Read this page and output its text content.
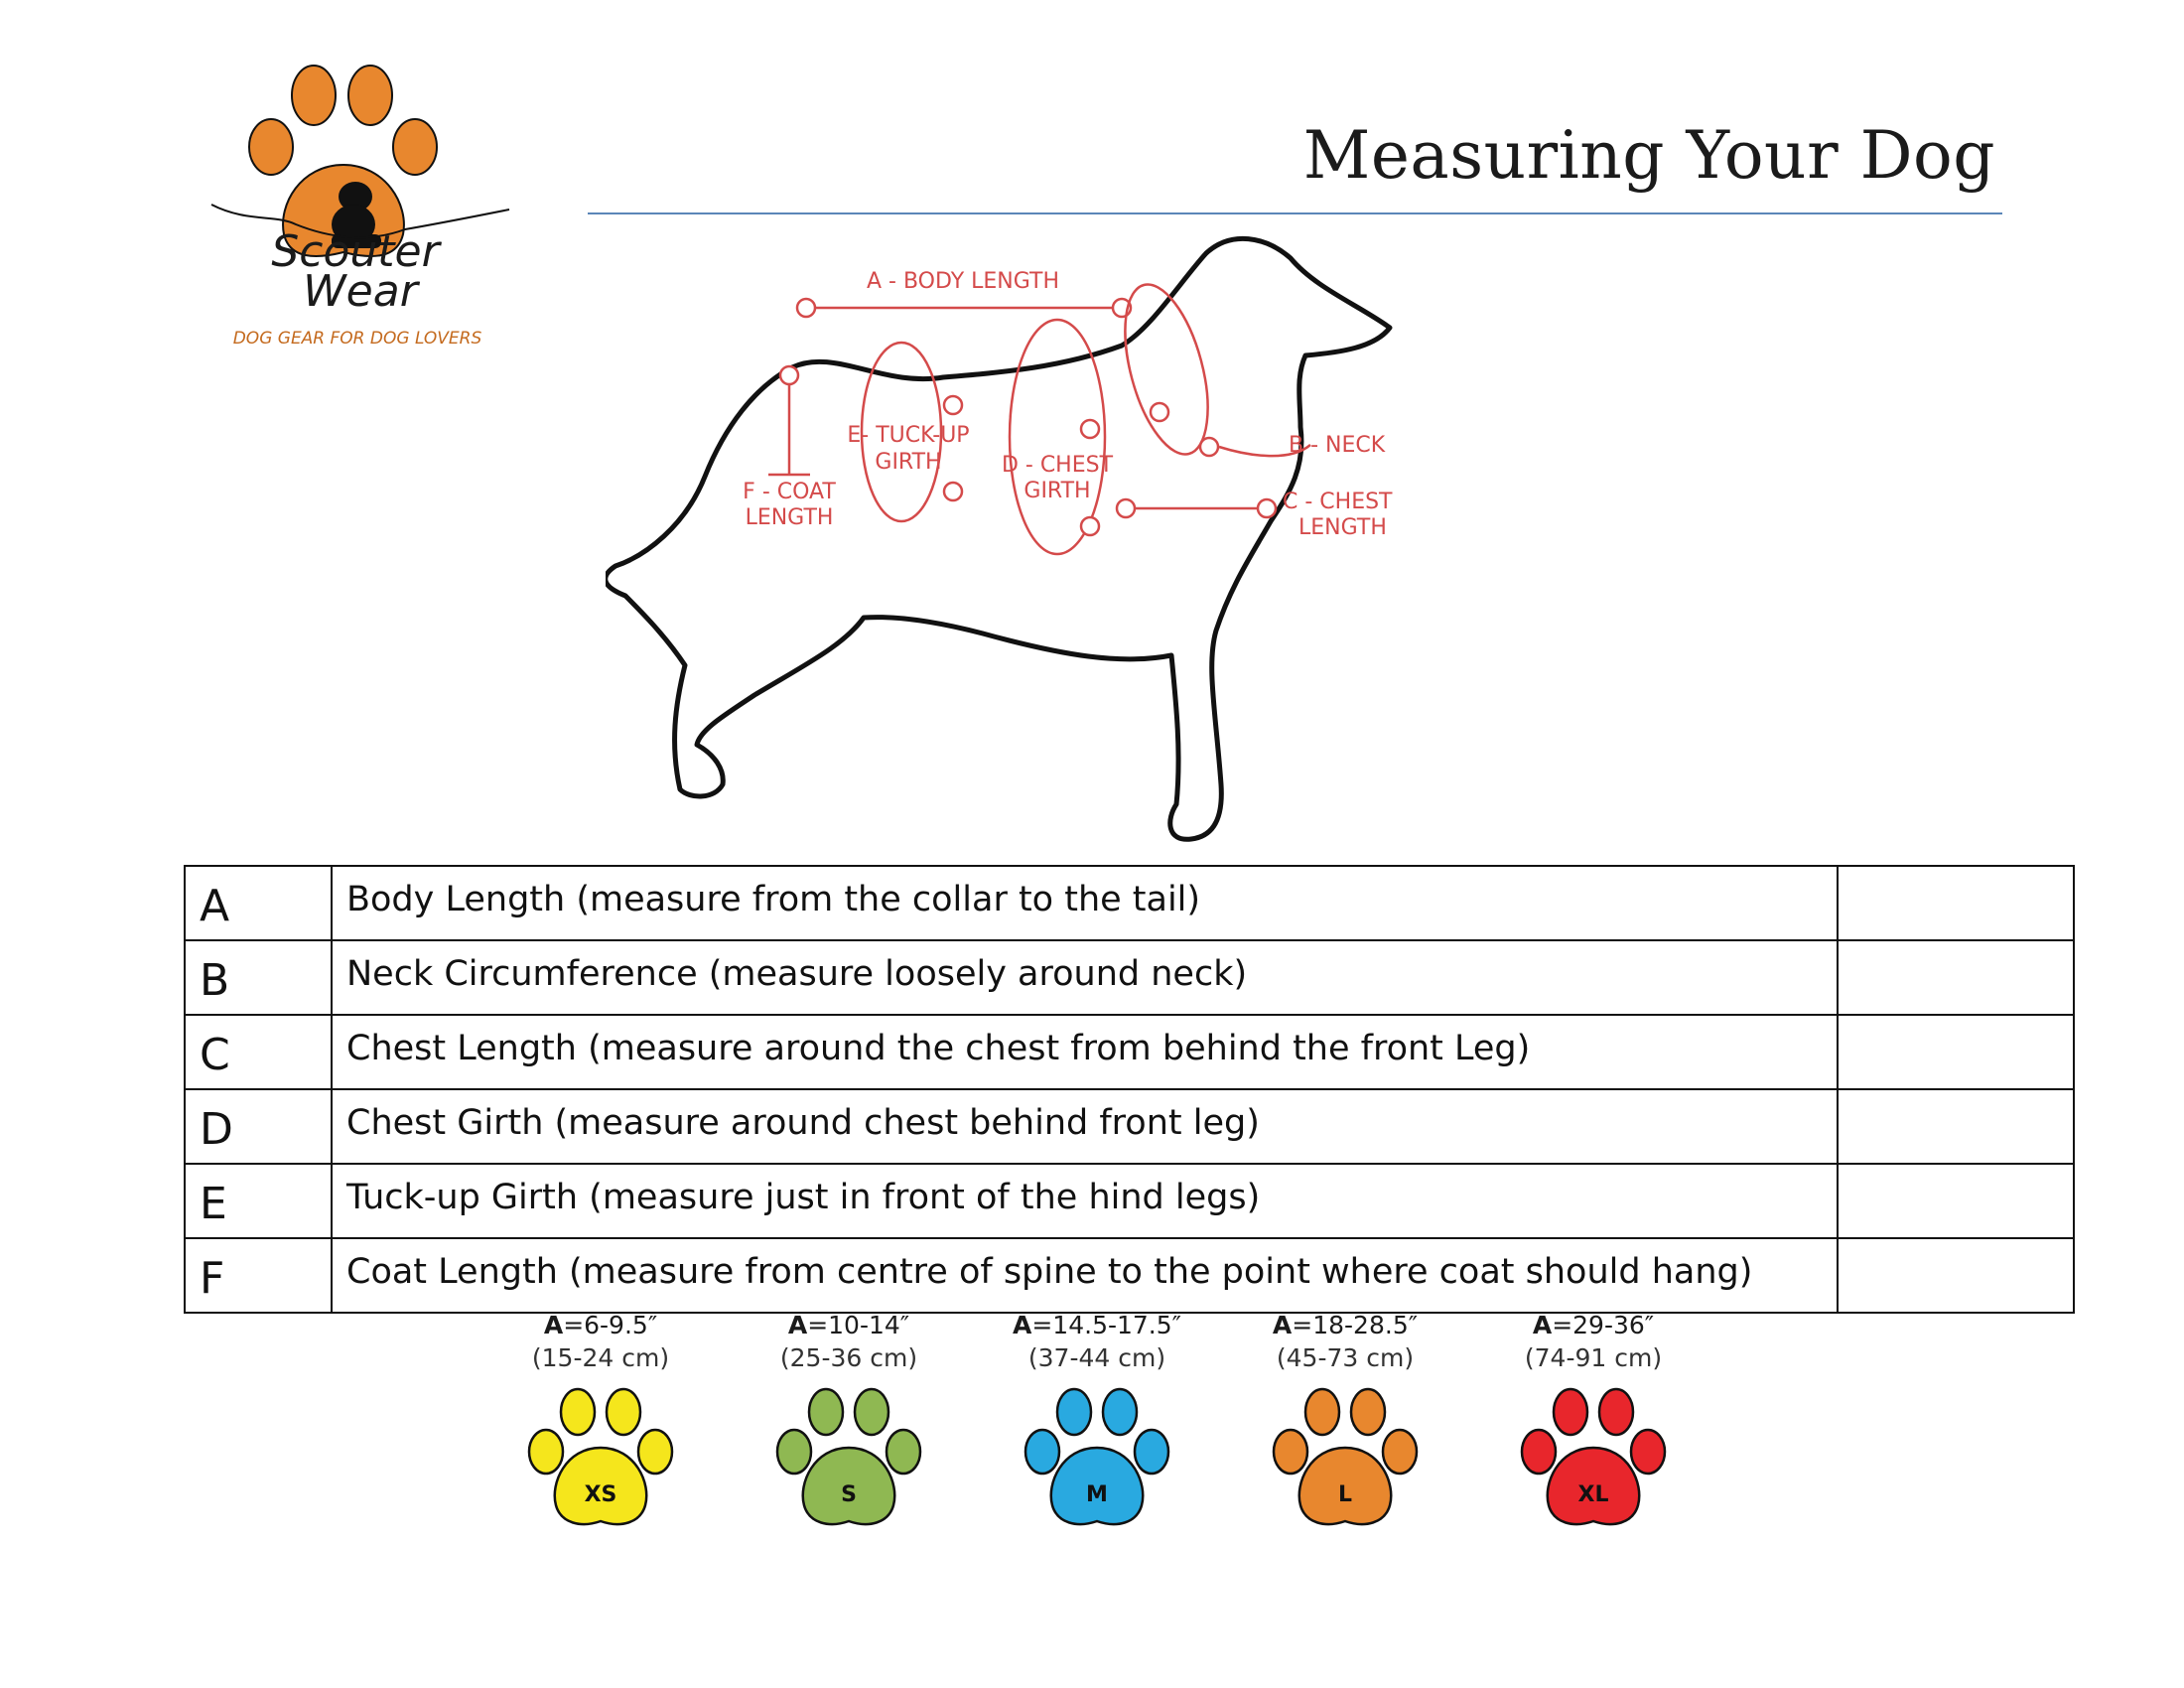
Scouter
Wear
DOG GEAR FOR DOG LOVERS
Measuring Your Dog
A - BODY LENGTH
B - NECK
C - CHEST
LENGTH
D - CHEST
GIRTH
E- TUCK-UP
GIRTH
F - COAT
LENGTH
A	Body Length (measure from the collar to the tail)	
B	Neck Circumference (measure loosely around neck)	
C	Chest Length (measure around the chest from behind the front Leg)	
D	Chest Girth (measure around chest behind front leg)	
E	Tuck-up Girth (measure just in front of the hind legs)	
F	Coat Length (measure from centre of spine to the point where coat should hang)	
A=6-9.5″
(15-24 cm)
XS
A=10-14″
(25-36 cm)
S
A=14.5-17.5″
(37-44 cm)
M
A=18-28.5″
(45-73 cm)
L
A=29-36″
(74-91 cm)
XL
